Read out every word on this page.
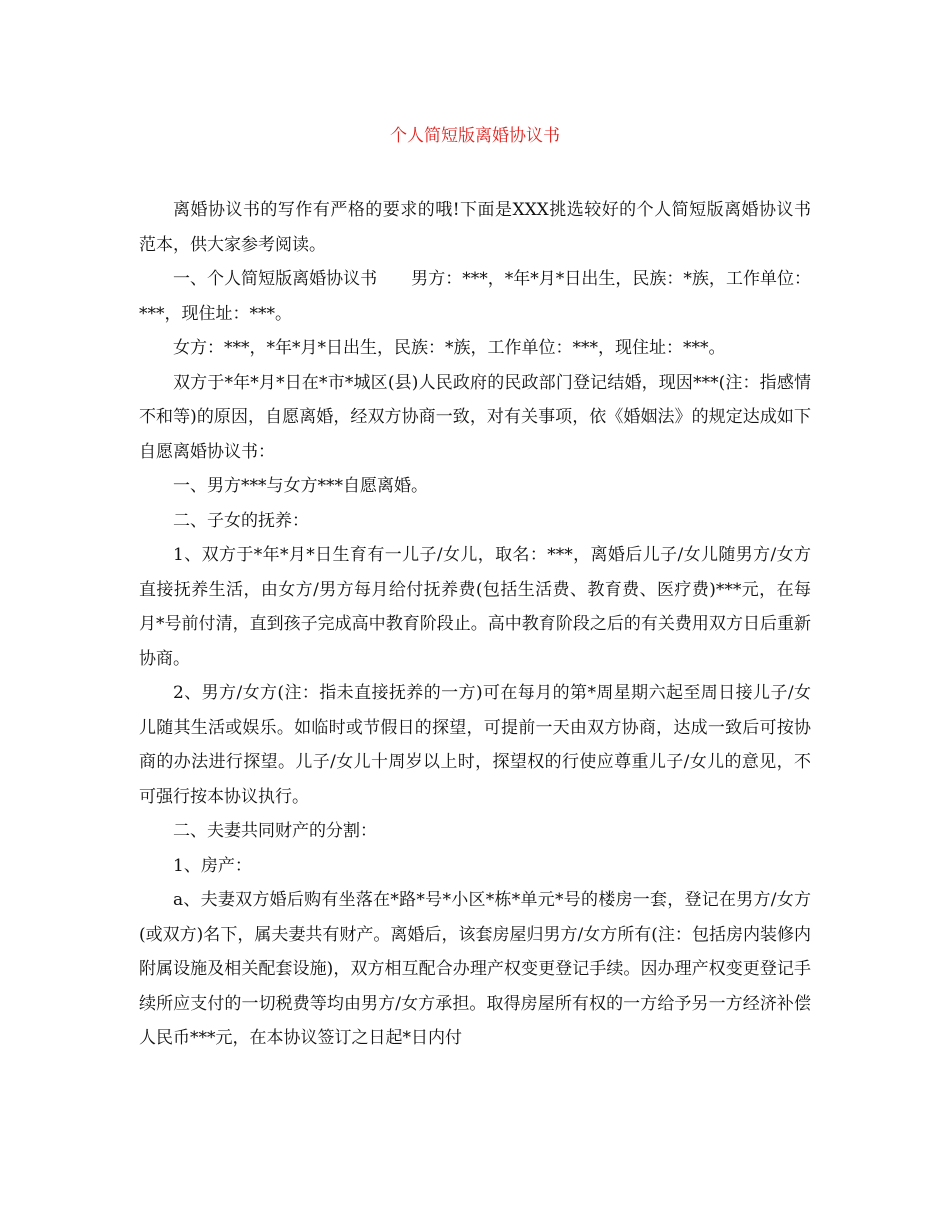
个人简短版离婚协议书

离婚协议书的写作有严格的要求的哦!下面是XXX挑选较好的个人简短版离婚协议书范本，供大家参考阅读。

一、个人简短版离婚协议书　　男方：***，*年*月*日出生，民族：*族，工作单位：***，现住址：***。

女方：***，*年*月*日出生，民族：*族，工作单位：***，现住址：***。

双方于*年*月*日在*市*城区(县)人民政府的民政部门登记结婚，现因***(注：指感情不和等)的原因，自愿离婚，经双方协商一致，对有关事项，依《婚姻法》的规定达成如下自愿离婚协议书：

一、男方***与女方***自愿离婚。

二、子女的抚养：

1、双方于*年*月*日生育有一儿子/女儿，取名：***，离婚后儿子/女儿随男方/女方直接抚养生活，由女方/男方每月给付抚养费(包括生活费、教育费、医疗费)***元，在每月*号前付清，直到孩子完成高中教育阶段止。高中教育阶段之后的有关费用双方日后重新协商。

2、男方/女方(注：指未直接抚养的一方)可在每月的第*周星期六起至周日接儿子/女儿随其生活或娱乐。如临时或节假日的探望，可提前一天由双方协商，达成一致后可按协商的办法进行探望。儿子/女儿十周岁以上时，探望权的行使应尊重儿子/女儿的意见，不可强行按本协议执行。

二、夫妻共同财产的分割：

1、房产：

a、夫妻双方婚后购有坐落在*路*号*小区*栋*单元*号的楼房一套，登记在男方/女方(或双方)名下，属夫妻共有财产。离婚后，该套房屋归男方/女方所有(注：包括房内装修内附属设施及相关配套设施)，双方相互配合办理产权变更登记手续。因办理产权变更登记手续所应支付的一切税费等均由男方/女方承担。取得房屋所有权的一方给予另一方经济补偿人民币***元，在本协议签订之日起*日内付
